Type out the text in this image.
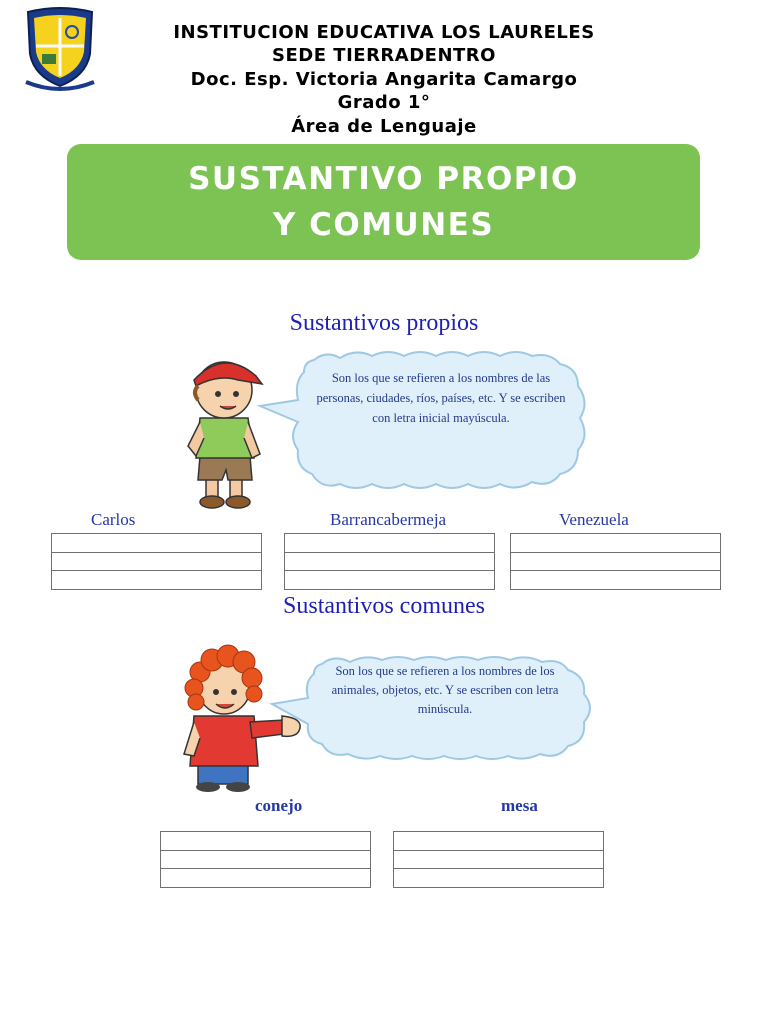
INSTITUCION EDUCATIVA LOS LAURELES
SEDE TIERRADENTRO
Doc. Esp. Victoria Angarita Camargo
Grado 1°
Área de Lenguaje
SUSTANTIVO PROPIO Y COMUNES
Sustantivos propios
Son los que se refieren a los nombres de las personas, ciudades, ríos, países, etc. Y se escriben con letra inicial mayúscula.
Carlos	Barrancabermeja	Venezuela
Sustantivos comunes
Son los que se refieren a los nombres de los animales, objetos, etc. Y se escriben con letra minúscula.
conejo	mesa
